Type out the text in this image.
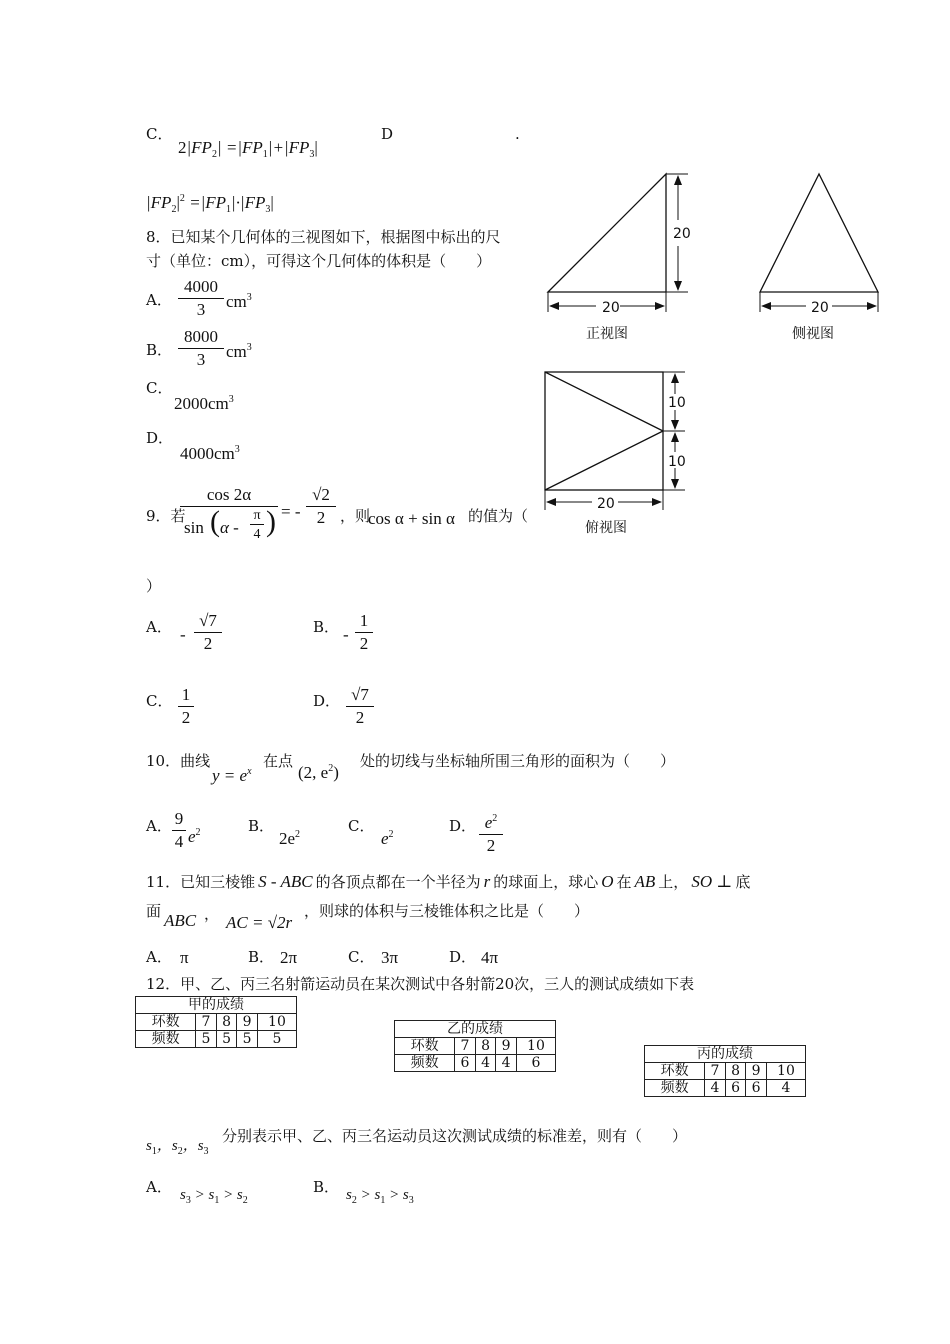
C．
$2|FP_2| =|FP_1|+|FP_3|$
D	.
$|FP_2|^2 =|FP_1|\cdot|FP_3|$
8．已知某个几何体的三视图如下，根据图中标出的尺
寸（单位：cm），可得这个几何体的体积是（　　）
A． $\frac{4000}{3} cm^3$
B． $\frac{8000}{3} cm^3$
C．
$2000cm^3$
D．
$4000cm^3$
20
20
正视图
20
侧视图
10
10
20
俯视图
9．若
cos 2α
sin ( α -
π
4 ) = - $\frac{√2}{2}$ ，则
cos α + sin α 的值为（
）
A． - $\frac{√7}{2}$	B． - $\frac{1}{2}$
C． $\frac{1}{2}$	D． $\frac{√7}{2}$
10．曲线
$y = e^x$
在点
(2, $e^2$)
处的切线与坐标轴所围三角形的面积为（　　）
A． $\frac{9}{4} e^2$	B．
$2e^2$	C．
$e^2$	D． $\frac{e^2}{2}$
11．已知三棱锥 S - ABC 的各顶点都在一个半径为 r 的球面上，球心 O 在 AB 上， SO ⊥ 底
面 ABC ， AC = √2r
，则球的体积与三棱锥体积之比是（　　）
A． π	B． 2π	C． 3π	D． 4π
12．甲、乙、丙三名射箭运动员在某次测试中各射箭20次，三人的测试成绩如下表
甲的成绩				
环数	7	8	9	10
频数	5	5	5	5
乙的成绩				
环数	7	8	9	10
频数	6	4	4	6
丙的成绩				
环数	7	8	9	10
频数	4	6	6	4
$s_1$，$s_2$，$s_3$
分别表示甲、乙、丙三名运动员这次测试成绩的标准差，则有（　　）
A． $s_3 > s_1 > s_2$
B． $s_2 > s_1 > s_3$
